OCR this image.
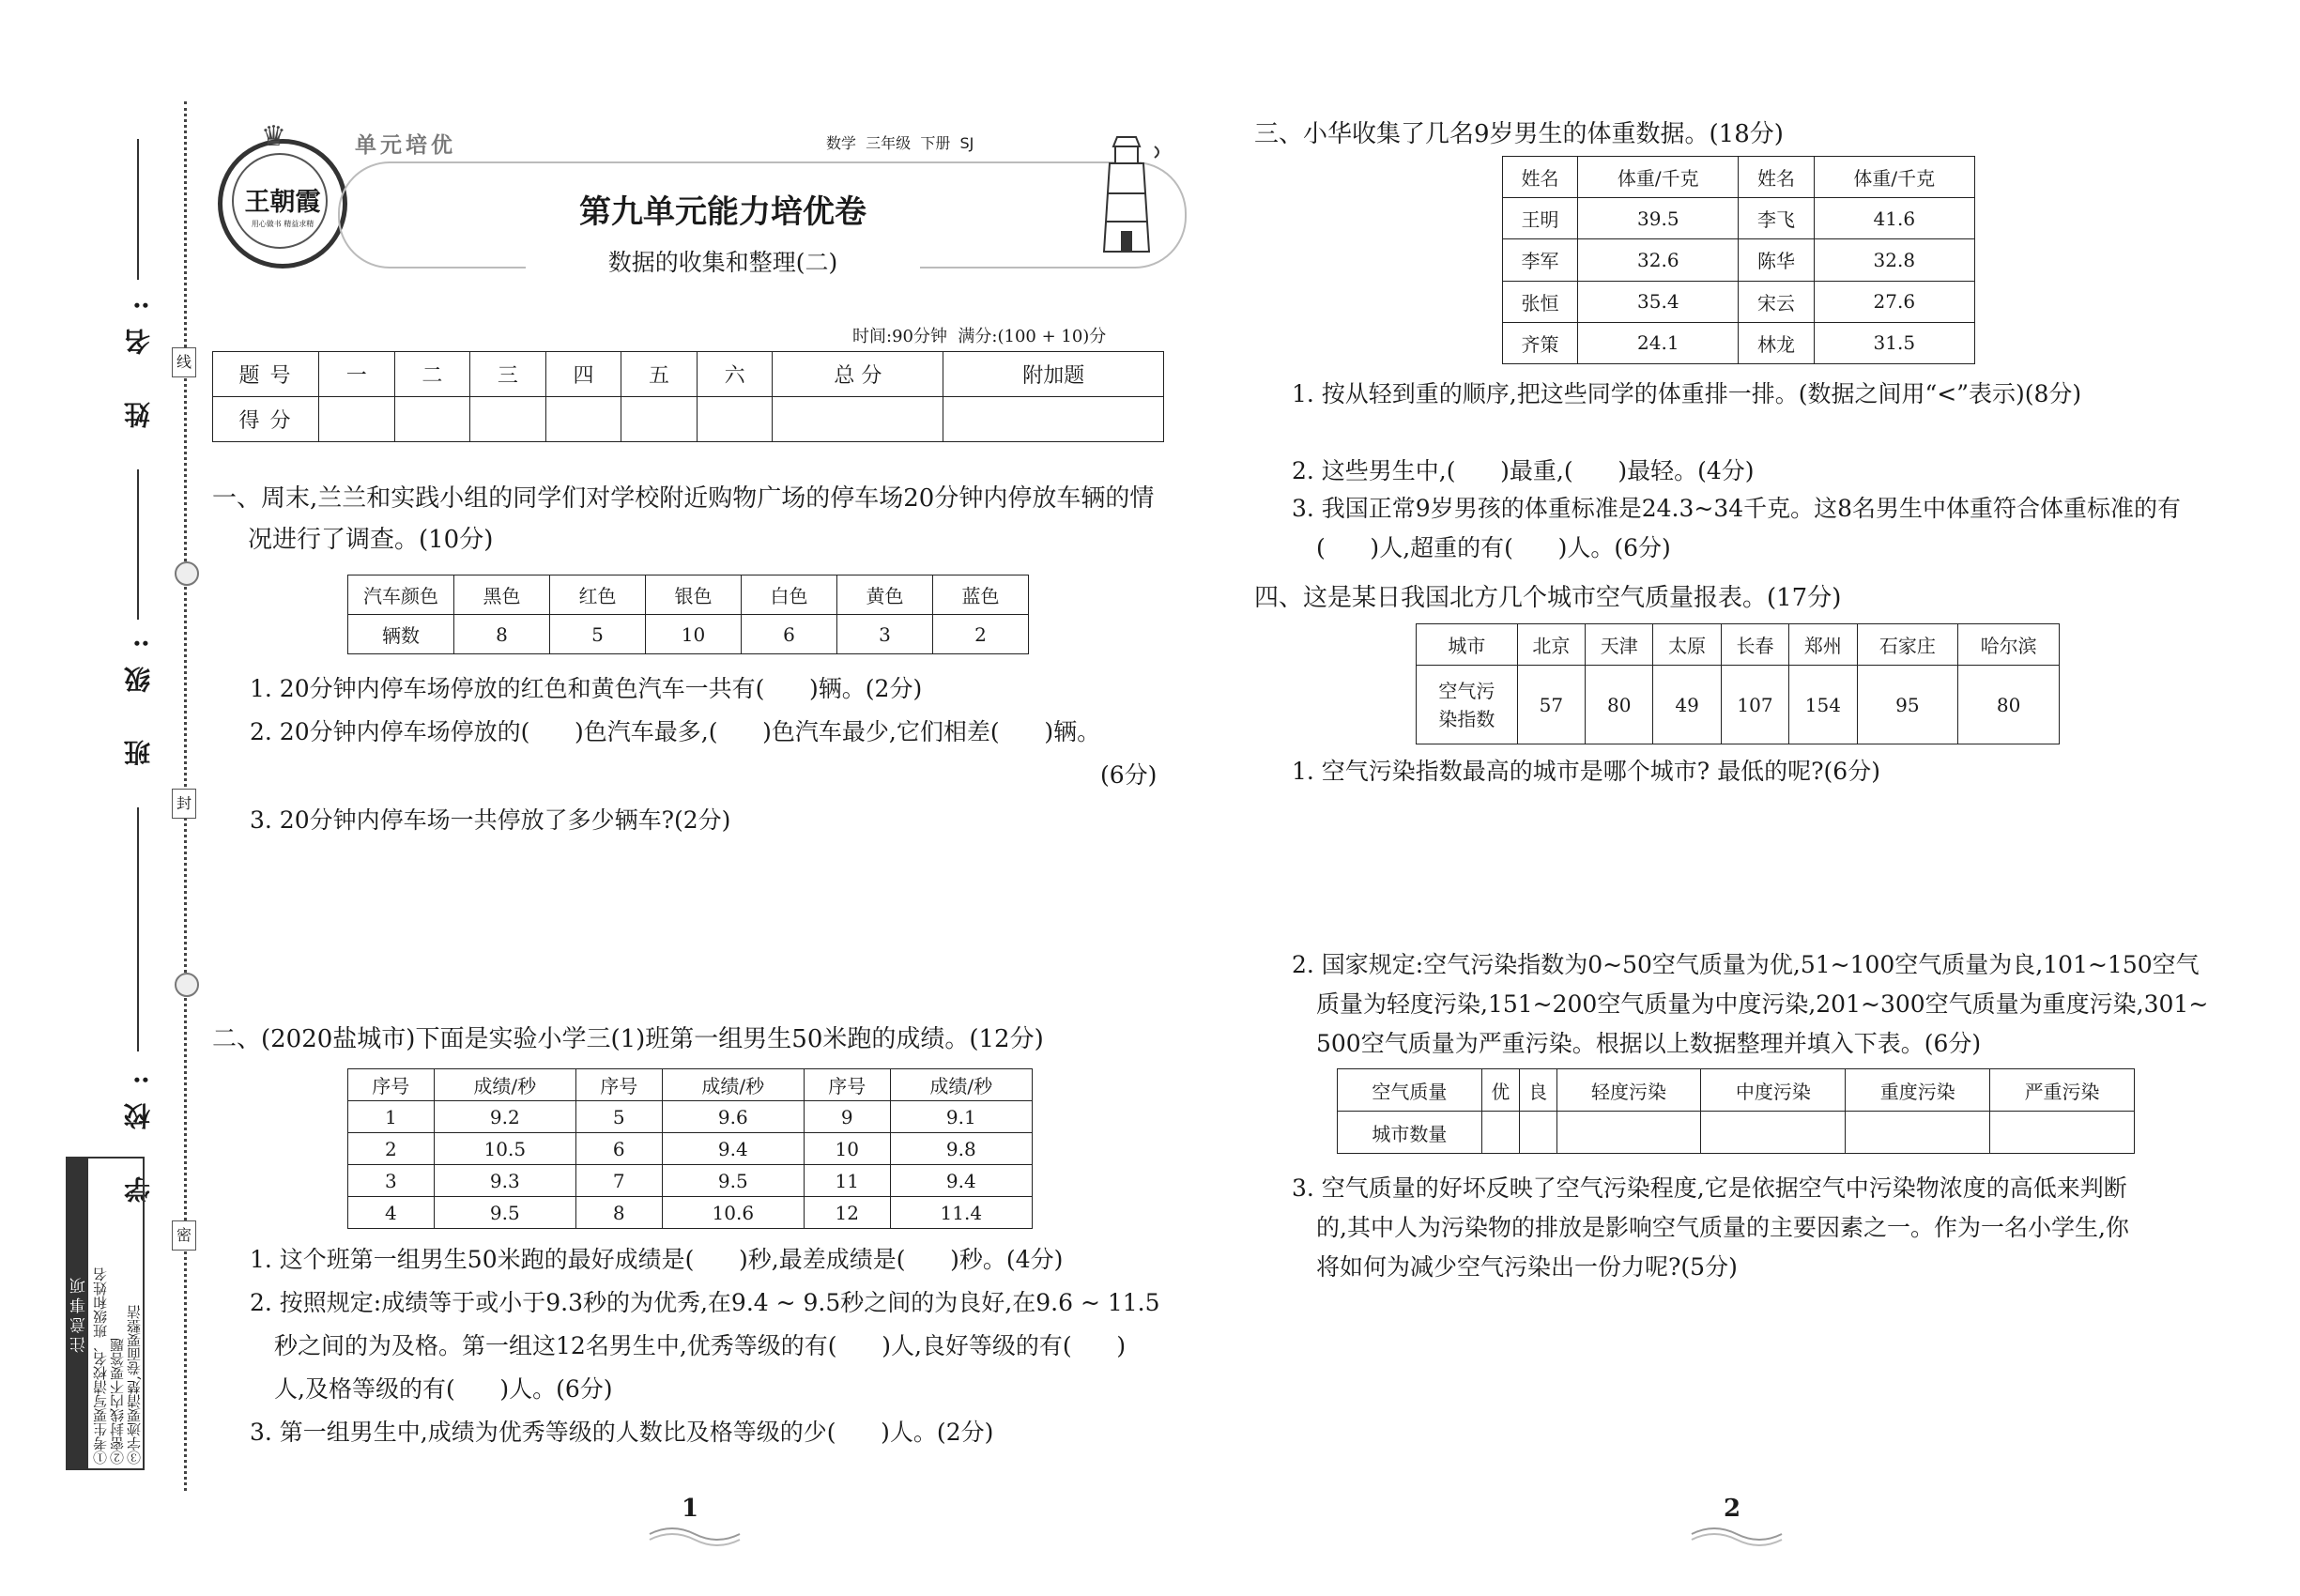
姓 名:
班 级:
学 校:
线
封
密
注意事项 ①考生要写清校名、班级和姓名 ②密封线内不要答题 ③字迹要清楚,卷面要整洁
王朝霞
用心做书 精益求精
♛	单元培优	数学  三年级  下册  SJ
第九单元能力培优卷
数据的收集和整理(二)
时间:90分钟  满分:(100 + 10)分
题 号	一	二	三	四	五	六	总 分	附加题
得 分								
一、周末,兰兰和实践小组的同学们对学校附近购物广场的停车场20分钟内停放车辆的情
况进行了调查。(10分)
汽车颜色	黑色	红色	银色	白色	黄色	蓝色
辆数	8	5	10	6	3	2
1. 20分钟内停车场停放的红色和黄色汽车一共有(      )辆。(2分)
2. 20分钟内停车场停放的(      )色汽车最多,(      )色汽车最少,它们相差(      )辆。
(6分)
3. 20分钟内停车场一共停放了多少辆车?(2分)
二、(2020盐城市)下面是实验小学三(1)班第一组男生50米跑的成绩。(12分)
序号	成绩/秒	序号	成绩/秒	序号	成绩/秒
1	9.2	5	9.6	9	9.1
2	10.5	6	9.4	10	9.8
3	9.3	7	9.5	11	9.4
4	9.5	8	10.6	12	11.4
1. 这个班第一组男生50米跑的最好成绩是(      )秒,最差成绩是(      )秒。(4分)
2. 按照规定:成绩等于或小于9.3秒的为优秀,在9.4 ~ 9.5秒之间的为良好,在9.6 ~ 11.5
秒之间的为及格。第一组这12名男生中,优秀等级的有(      )人,良好等级的有(      )
人,及格等级的有(      )人。(6分)
3. 第一组男生中,成绩为优秀等级的人数比及格等级的少(      )人。(2分)
1
三、小华收集了几名9岁男生的体重数据。(18分)
姓名	体重/千克	姓名	体重/千克
王明	39.5	李飞	41.6
李军	32.6	陈华	32.8
张恒	35.4	宋云	27.6
齐策	24.1	林龙	31.5
1. 按从轻到重的顺序,把这些同学的体重排一排。(数据之间用“<”表示)(8分)
2. 这些男生中,(      )最重,(      )最轻。(4分)
3. 我国正常9岁男孩的体重标准是24.3~34千克。这8名男生中体重符合体重标准的有
(      )人,超重的有(      )人。(6分)
四、这是某日我国北方几个城市空气质量报表。(17分)
城市	北京	天津	太原	长春	郑州	石家庄	哈尔滨

空气污
染指数	57	80	49	107	154	95	80
1. 空气污染指数最高的城市是哪个城市? 最低的呢?(6分)
2. 国家规定:空气污染指数为0~50空气质量为优,51~100空气质量为良,101~150空气
质量为轻度污染,151~200空气质量为中度污染,201~300空气质量为重度污染,301~
500空气质量为严重污染。根据以上数据整理并填入下表。(6分)
空气质量	优	良	轻度污染	中度污染	重度污染	严重污染
城市数量						
3. 空气质量的好坏反映了空气污染程度,它是依据空气中污染物浓度的高低来判断
的,其中人为污染物的排放是影响空气质量的主要因素之一。作为一名小学生,你
将如何为减少空气污染出一份力呢?(5分)
2
